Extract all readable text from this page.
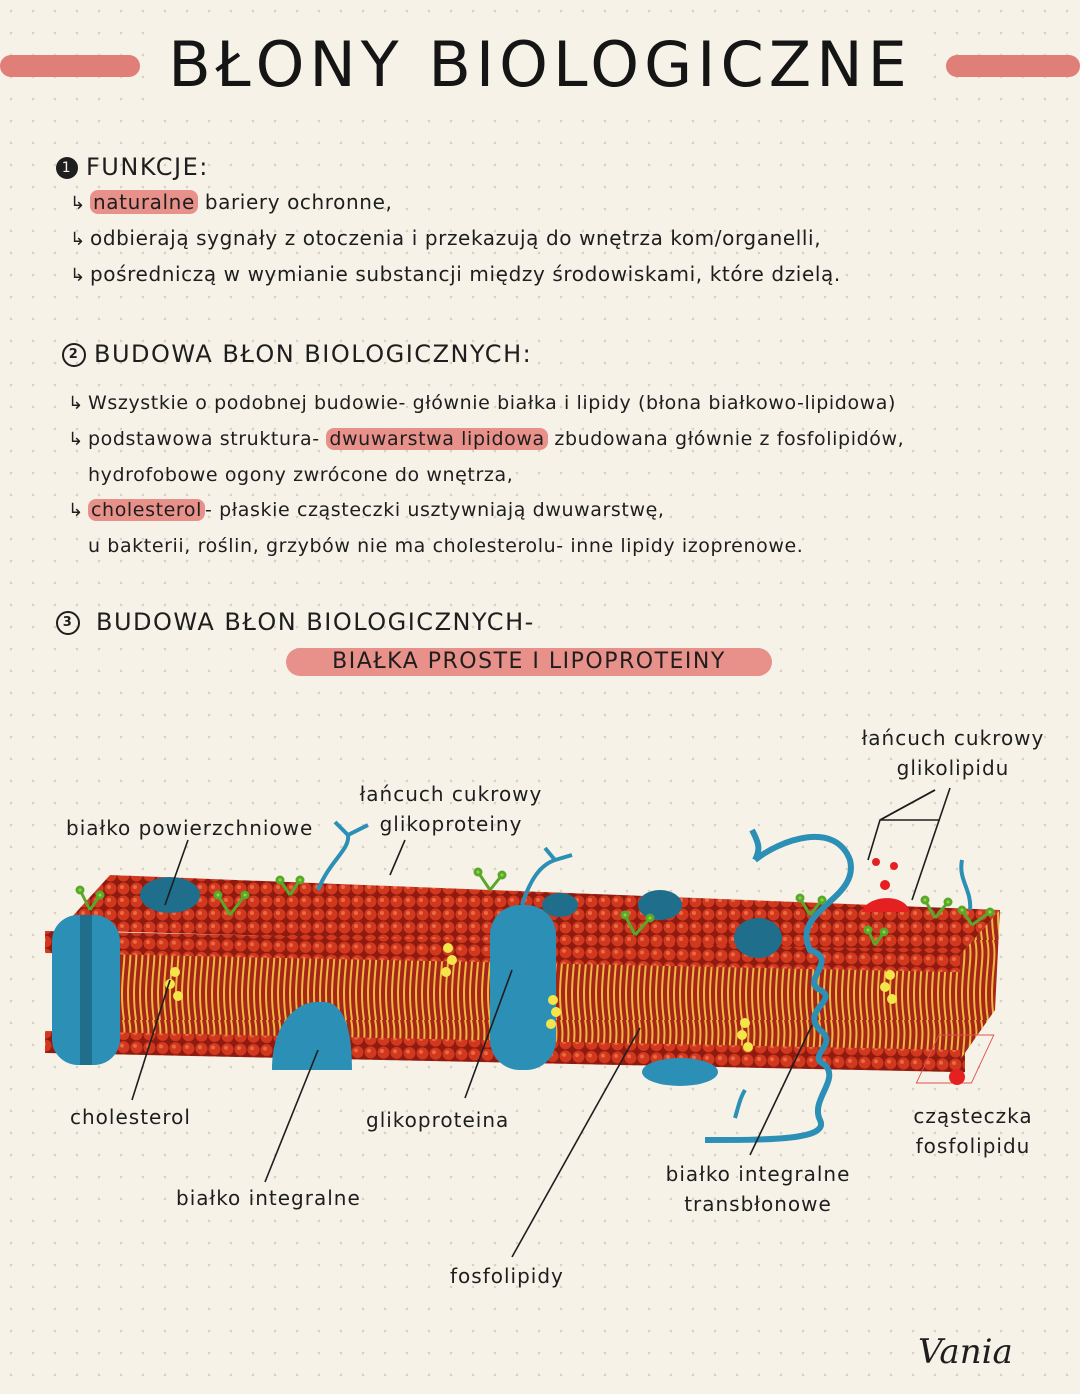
BŁONY BIOLOGICZNE
1 FUNKCJE:
↳ naturalne bariery ochronne,
↳ odbierają sygnały z otoczenia i przekazują do wnętrza kom/organelli,
↳ pośredniczą w wymianie substancji między środowiskami, które dzielą.
2 BUDOWA BŁON BIOLOGICZNYCH:
↳ Wszystkie o podobnej budowie- głównie białka i lipidy (błona białkowo-lipidowa)
↳ podstawowa struktura- dwuwarstwa lipidowa zbudowana głównie z fosfolipidów,
hydrofobowe ogony zwrócone do wnętrza,
↳ cholesterol - płaskie cząsteczki usztywniają dwuwarstwę,
u bakterii, roślin, grzybów nie ma cholesterolu- inne lipidy izoprenowe.
3 BUDOWA BŁON BIOLOGICZNYCH-
BIAŁKA PROSTE I LIPOPROTEINY
białko powierzchniowe
łańcuch cukrowy
glikoproteiny
łańcuch cukrowy
glikolipidu
cholesterol	glikoproteina
białko integralne
białko integralne
transbłonowe
cząsteczka
fosfolipidu
fosfolipidy
Vania
